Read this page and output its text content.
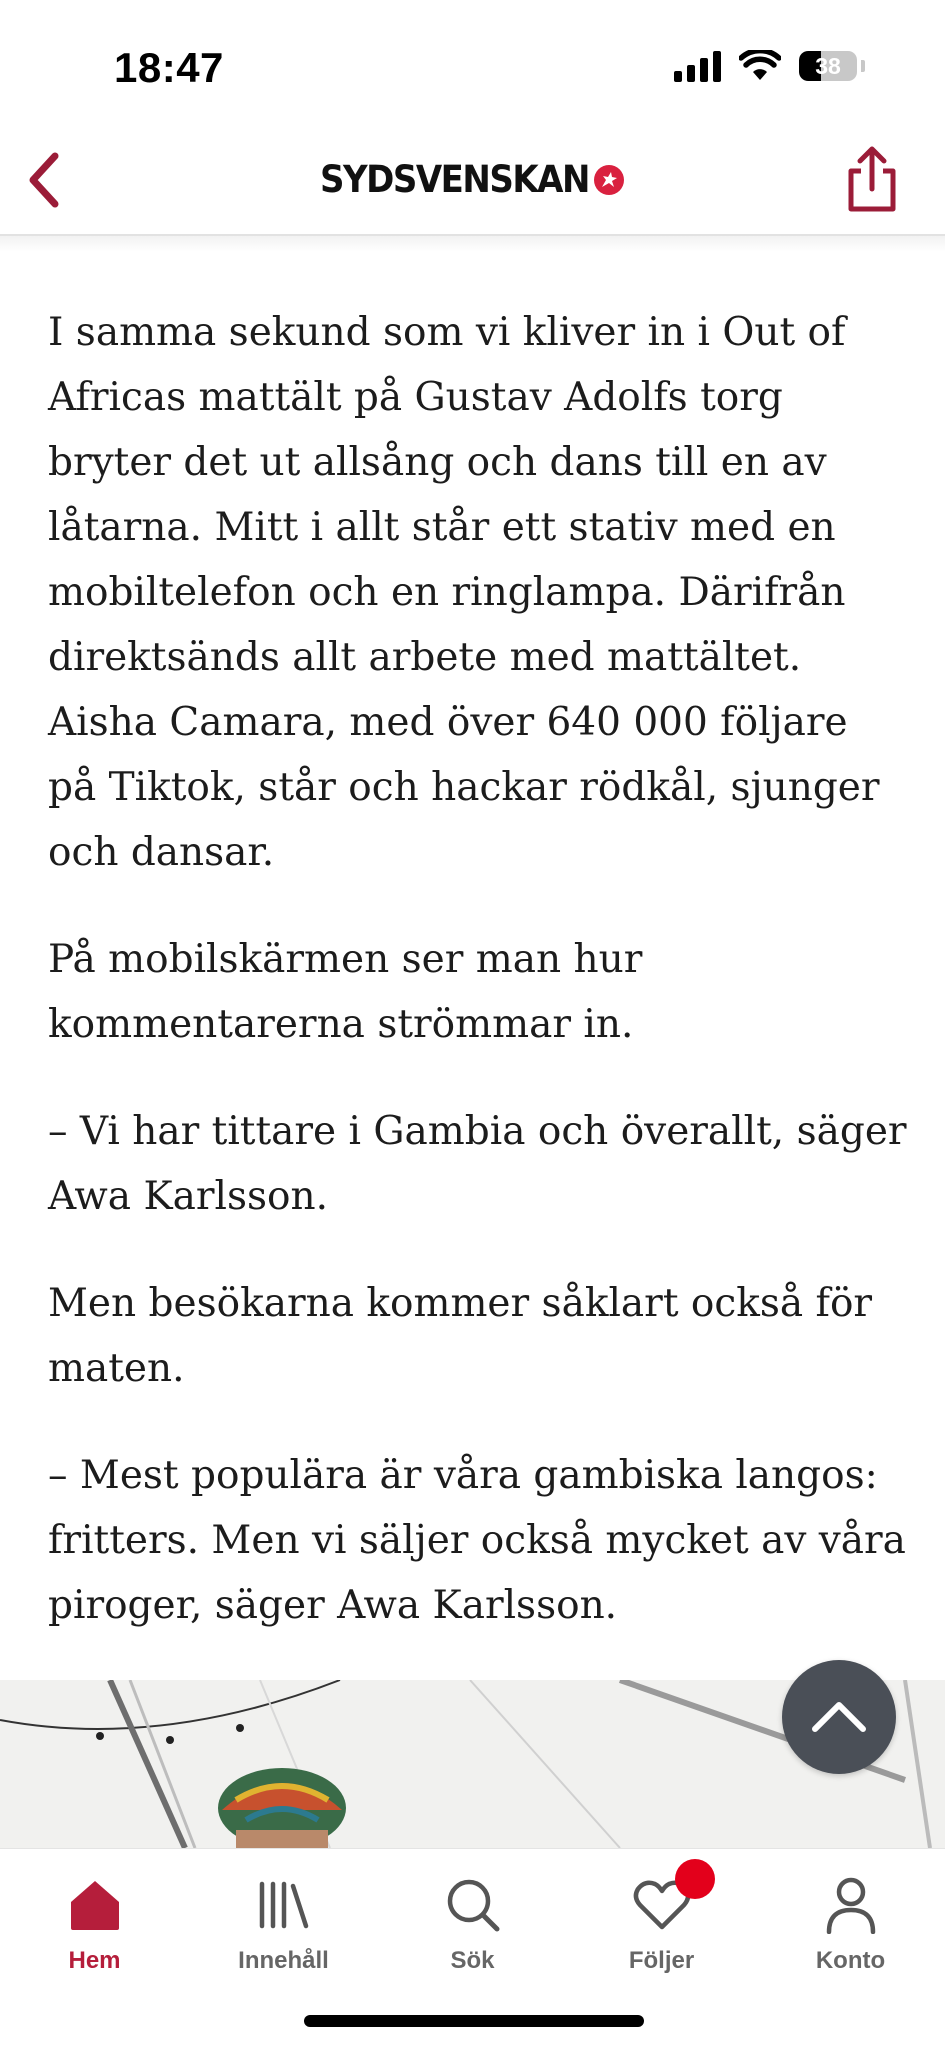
18:47	38
SYDSVENSKAN

I samma sekund som vi kliver in i Out of Africas mattält på Gustav Adolfs torg bryter det ut allsång och dans till en av låtarna. Mitt i allt står ett stativ med en mobiltelefon och en ringlampa. Därifrån direktsänds allt arbete med mattältet. Aisha Camara, med över 640 000 följare på Tiktok, står och hackar rödkål, sjunger och dansar.

På mobilskärmen ser man hur kommentarerna strömmar in.

– Vi har tittare i Gambia och överallt, säger Awa Karlsson.

Men besökarna kommer såklart också för maten.

– Mest populära är våra gambiska langos: fritters. Men vi säljer också mycket av våra piroger, säger Awa Karlsson.

Hem	Innehåll	Sök	Följer	Konto
